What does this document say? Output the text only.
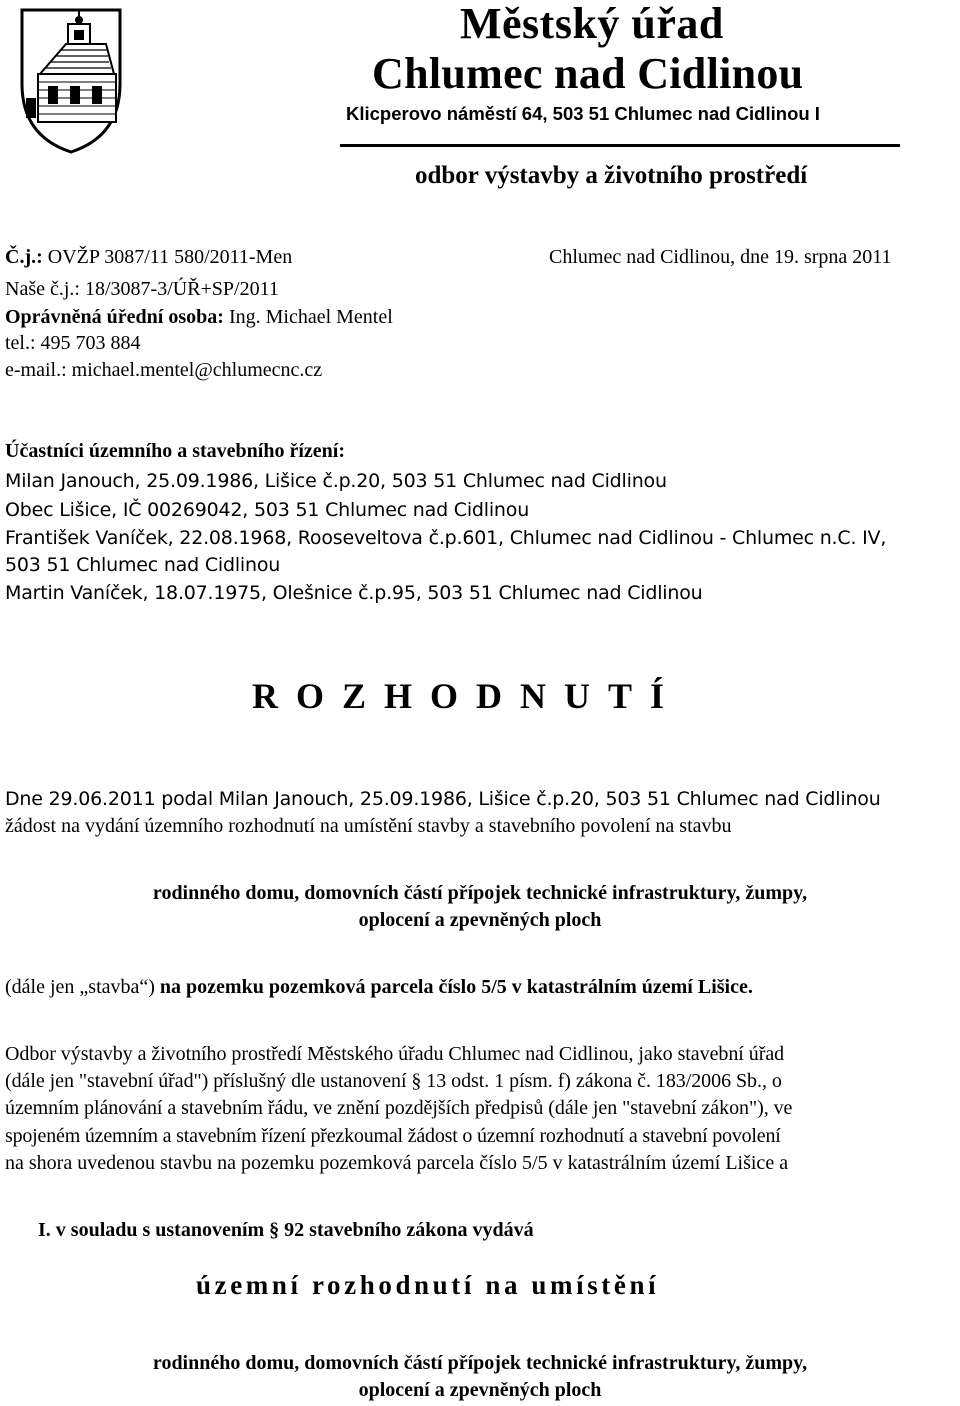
Městský úřad
Chlumec nad Cidlinou
Klicperovo náměstí 64, 503 51 Chlumec nad Cidlinou I
odbor výstavby a životního prostředí
Č.j.: OVŽP 3087/11 580/2011-Men	Chlumec nad Cidlinou, dne 19. srpna 2011
Naše č.j.: 18/3087-3/ÚŘ+SP/2011
Oprávněná úřední osoba: Ing. Michael Mentel
tel.: 495 703 884
e-mail.: michael.mentel@chlumecnc.cz
Účastníci územního a stavebního řízení:
Milan Janouch, 25.09.1986, Lišice č.p.20, 503 51 Chlumec nad Cidlinou
Obec Lišice, IČ 00269042, 503 51 Chlumec nad Cidlinou
František Vaníček, 22.08.1968, Rooseveltova č.p.601, Chlumec nad Cidlinou - Chlumec n.C. IV,
503 51 Chlumec nad Cidlinou
Martin Vaníček, 18.07.1975, Olešnice č.p.95, 503 51 Chlumec nad Cidlinou
ROZHODNUTÍ
Dne 29.06.2011 podal Milan Janouch, 25.09.1986, Lišice č.p.20, 503 51 Chlumec nad Cidlinou
žádost na vydání územního rozhodnutí na umístění stavby a stavebního povolení na stavbu
rodinného domu, domovních částí přípojek technické infrastruktury, žumpy,
oplocení a zpevněných ploch
(dále jen „stavba“) na pozemku pozemková parcela číslo 5/5 v katastrálním území Lišice.
Odbor výstavby a životního prostředí Městského úřadu Chlumec nad Cidlinou, jako stavební úřad
(dále jen "stavební úřad") příslušný dle ustanovení § 13 odst. 1 písm. f) zákona č. 183/2006 Sb., o
územním plánování a stavebním řádu, ve znění pozdějších předpisů (dále jen "stavební zákon"), ve
spojeném územním a stavebním řízení přezkoumal žádost o územní rozhodnutí a stavební povolení
na shora uvedenou stavbu na pozemku pozemková parcela číslo 5/5 v katastrálním území Lišice a
I. v souladu s ustanovením § 92 stavebního zákona vydává
územní rozhodnutí na umístění
rodinného domu, domovních částí přípojek technické infrastruktury, žumpy,
oplocení a zpevněných ploch
